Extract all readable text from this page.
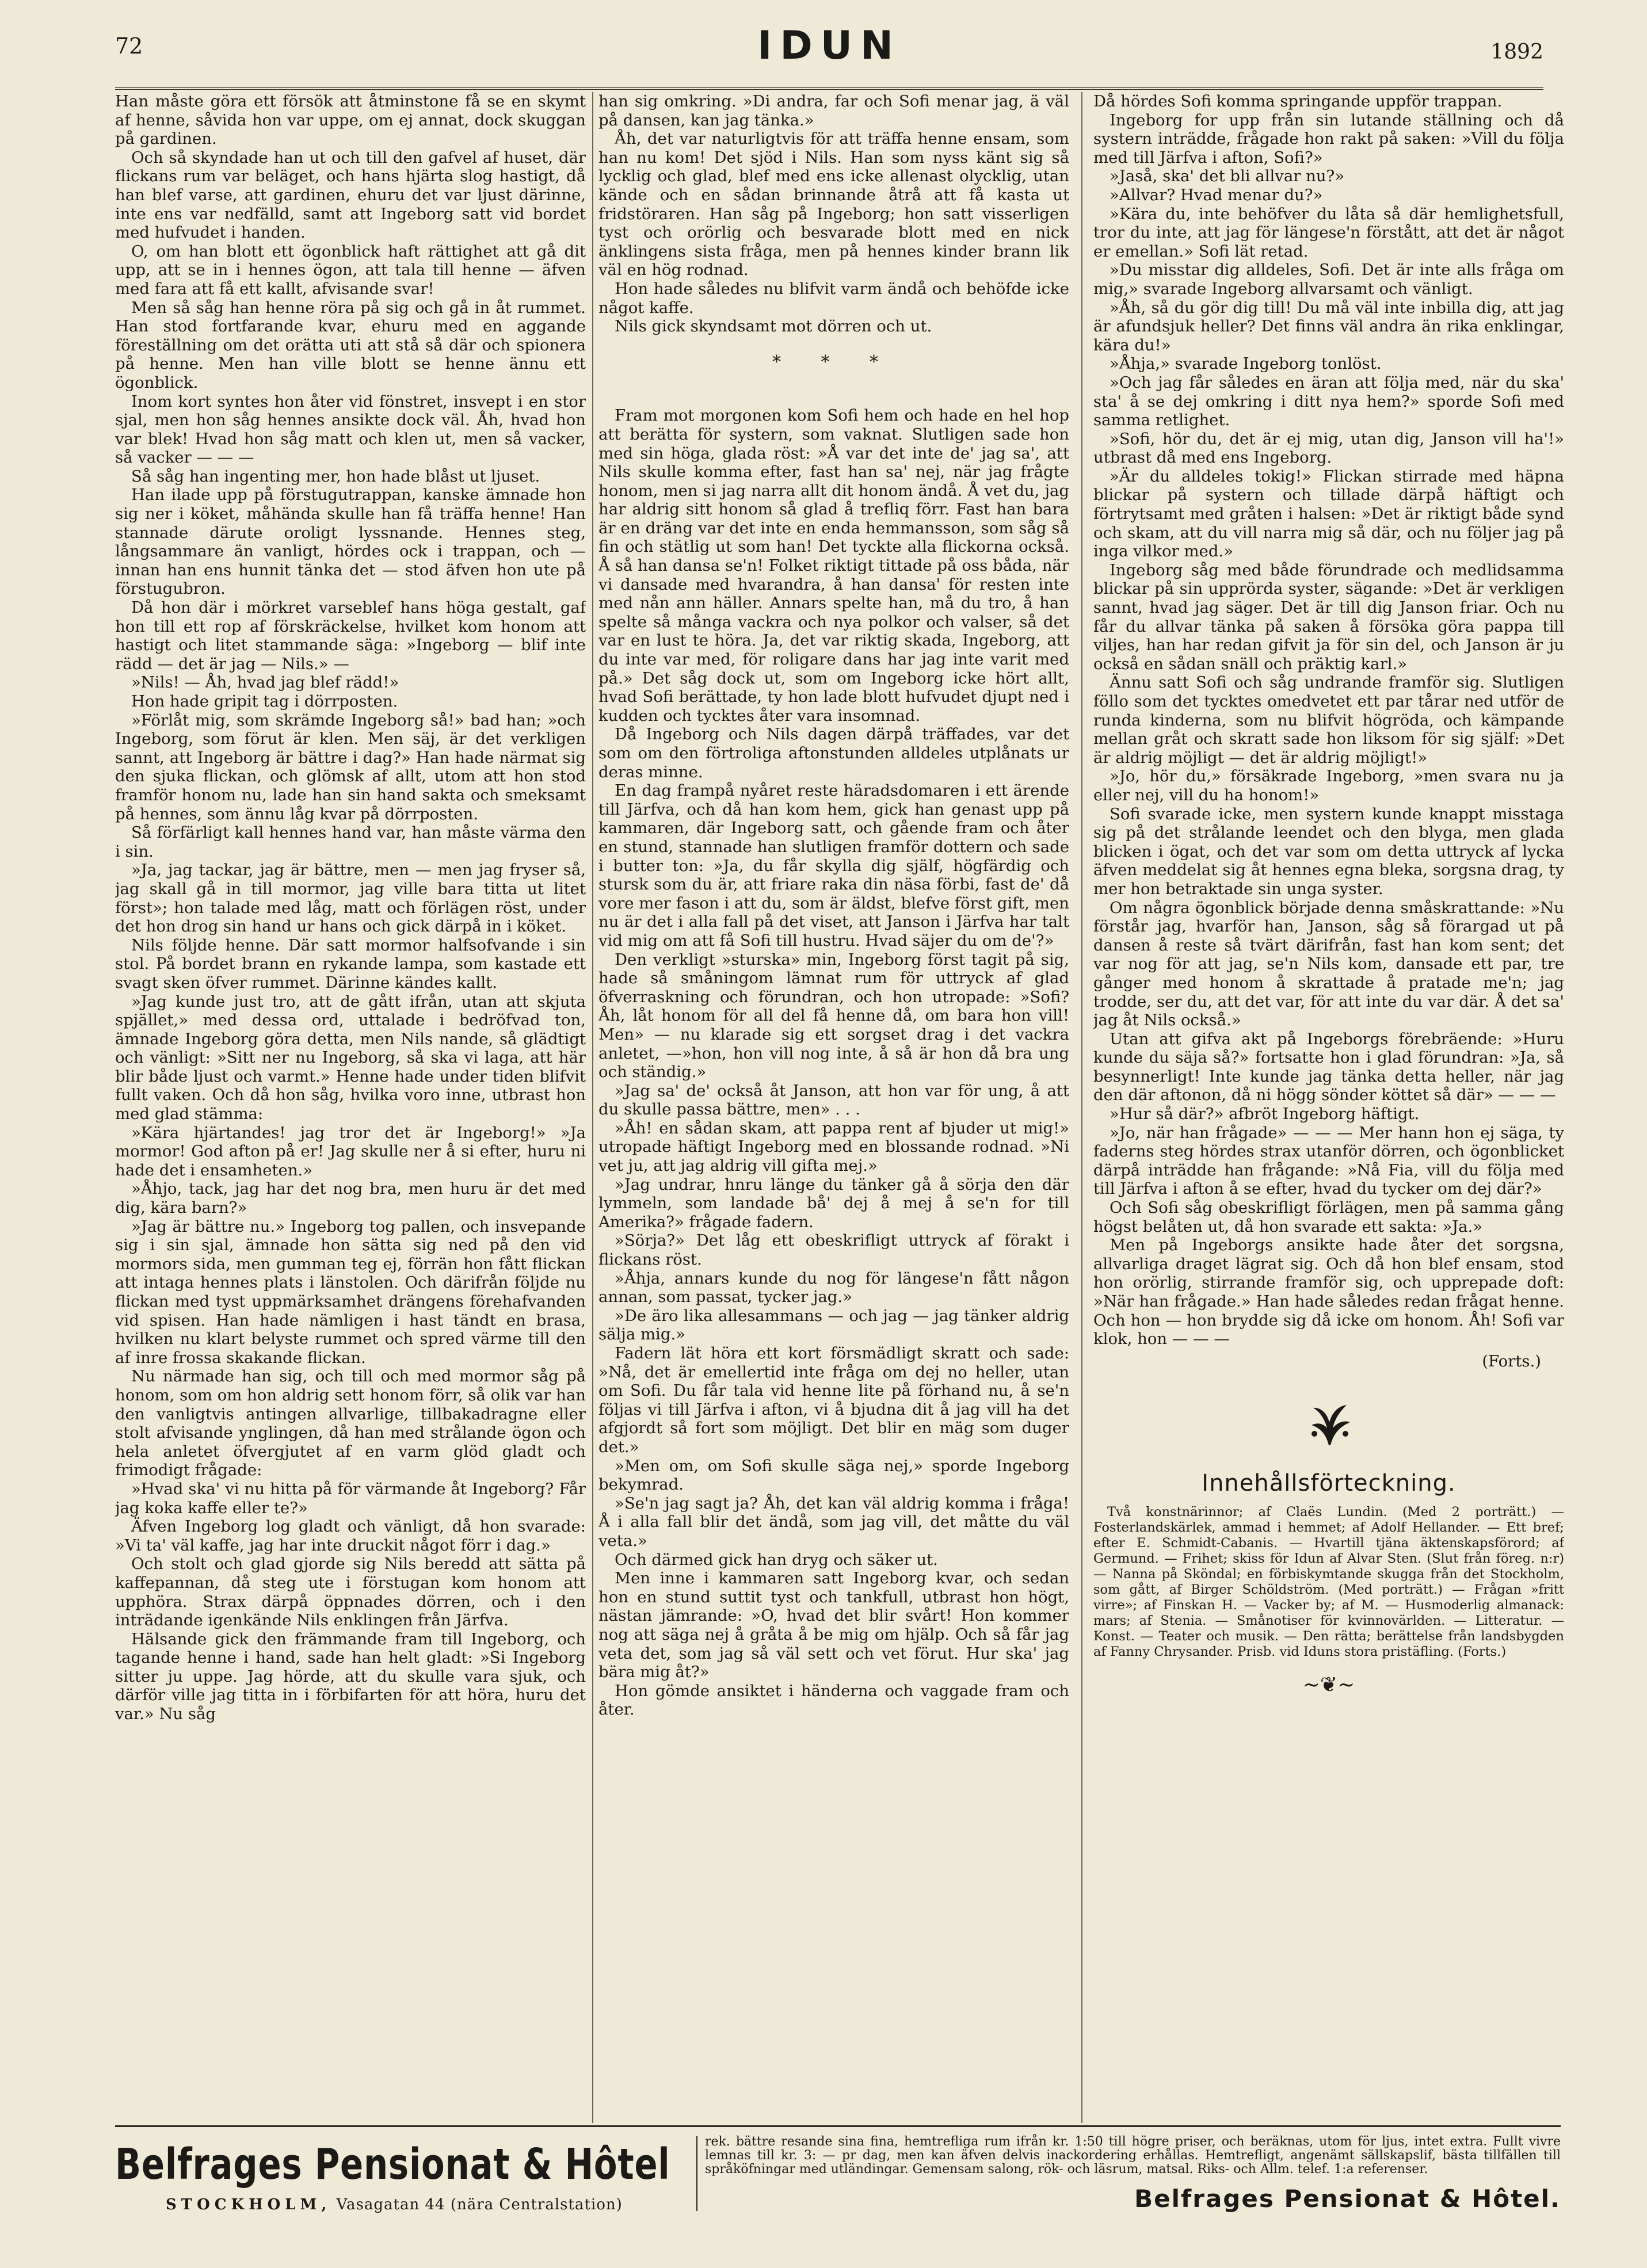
72	IDUN	1892

Han måste göra ett försök att åtminstone få se en skymt af henne, såvida hon var uppe, om ej annat, dock skuggan på gardinen.

Och så skyndade han ut och till den gafvel af huset, där flickans rum var beläget, och hans hjärta slog hastigt, då han blef varse, att gardinen, ehuru det var ljust därinne, inte ens var nedfälld, samt att Ingeborg satt vid bordet med hufvudet i handen.

O, om han blott ett ögonblick haft rättighet att gå dit upp, att se in i hennes ögon, att tala till henne — äfven med fara att få ett kallt, afvisande svar!

Men så såg han henne röra på sig och gå in åt rummet. Han stod fortfarande kvar, ehuru med en aggande föreställning om det orätta uti att stå så där och spionera på henne. Men han ville blott se henne ännu ett ögonblick.

Inom kort syntes hon åter vid fönstret, insvept i en stor sjal, men hon såg hennes ansikte dock väl. Åh, hvad hon var blek! Hvad hon såg matt och klen ut, men så vacker, så vacker — — —

Så såg han ingenting mer, hon hade blåst ut ljuset.

Han ilade upp på förstugutrappan, kanske ämnade hon sig ner i köket, måhända skulle han få träffa henne! Han stannade därute oroligt lyssnande. Hennes steg, långsammare än vanligt, hördes ock i trappan, och — innan han ens hunnit tänka det — stod äfven hon ute på förstugubron.

Då hon där i mörkret varseblef hans höga gestalt, gaf hon till ett rop af förskräckelse, hvilket kom honom att hastigt och litet stammande säga: »Ingeborg — blif inte rädd — det är jag — Nils.» —

»Nils! — Åh, hvad jag blef rädd!»

Hon hade gripit tag i dörrposten.

»Förlåt mig, som skrämde Ingeborg så!» bad han; »och Ingeborg, som förut är klen. Men säj, är det verkligen sannt, att Ingeborg är bättre i dag?» Han hade närmat sig den sjuka flickan, och glömsk af allt, utom att hon stod framför honom nu, lade han sin hand sakta och smeksamt på hennes, som ännu låg kvar på dörrposten.

Så förfärligt kall hennes hand var, han måste värma den i sin.

»Ja, jag tackar, jag är bättre, men — men jag fryser så, jag skall gå in till mormor, jag ville bara titta ut litet först»; hon talade med låg, matt och förlägen röst, under det hon drog sin hand ur hans och gick därpå in i köket.

Nils följde henne. Där satt mormor halfsofvande i sin stol. På bordet brann en rykande lampa, som kastade ett svagt sken öfver rummet. Därinne kändes kallt.

»Jag kunde just tro, att de gått ifrån, utan att skjuta spjället,» med dessa ord, uttalade i bedröfvad ton, ämnade Ingeborg göra detta, men Nils nande, så glädtigt och vänligt: »Sitt ner nu Ingeborg, så ska vi laga, att här blir både ljust och varmt.» Henne hade under tiden blifvit fullt vaken. Och då hon såg, hvilka voro inne, utbrast hon med glad stämma:

»Kära hjärtandes! jag tror det är Ingeborg!» »Ja mormor! God afton på er! Jag skulle ner å si efter, huru ni hade det i ensamheten.»

»Åhjo, tack, jag har det nog bra, men huru är det med dig, kära barn?»

»Jag är bättre nu.» Ingeborg tog pallen, och insvepande sig i sin sjal, ämnade hon sätta sig ned på den vid mormors sida, men gumman teg ej, förrän hon fått flickan att intaga hennes plats i länstolen. Och därifrån följde nu flickan med tyst uppmärksamhet drängens förehafvanden vid spisen. Han hade nämligen i hast tändt en brasa, hvilken nu klart belyste rummet och spred värme till den af inre frossa skakande flickan.

Nu närmade han sig, och till och med mormor såg på honom, som om hon aldrig sett honom förr, så olik var han den vanligtvis antingen allvarlige, tillbakadragne eller stolt afvisande ynglingen, då han med strålande ögon och hela anletet öfvergjutet af en varm glöd gladt och frimodigt frågade:

»Hvad ska' vi nu hitta på för värmande åt Ingeborg? Får jag koka kaffe eller te?»

Äfven Ingeborg log gladt och vänligt, då hon svarade: »Vi ta' väl kaffe, jag har inte druckit något förr i dag.»

Och stolt och glad gjorde sig Nils beredd att sätta på kaffepannan, då steg ute i förstugan kom honom att upphöra. Strax därpå öppnades dörren, och i den inträdande igenkände Nils enklingen från Järfva.

Hälsande gick den främmande fram till Ingeborg, och tagande henne i hand, sade han helt gladt: »Si Ingeborg sitter ju uppe. Jag hörde, att du skulle vara sjuk, och därför ville jag titta in i förbifarten för att höra, huru det var.» Nu såg

han sig omkring. »Di andra, far och Sofi menar jag, ä väl på dansen, kan jag tänka.»

Åh, det var naturligtvis för att träffa henne ensam, som han nu kom! Det sjöd i Nils. Han som nyss känt sig så lycklig och glad, blef med ens icke allenast olycklig, utan kände och en sådan brinnande åtrå att få kasta ut fridstöraren. Han såg på Ingeborg; hon satt visserligen tyst och orörlig och besvarade blott med en nick änklingens sista fråga, men på hennes kinder brann lik väl en hög rodnad.

Hon hade således nu blifvit varm ändå och behöfde icke något kaffe.

Nils gick skyndsamt mot dörren och ut.

* * *

Fram mot morgonen kom Sofi hem och hade en hel hop att berätta för systern, som vaknat. Slutligen sade hon med sin höga, glada röst: »Å var det inte de' jag sa', att Nils skulle komma efter, fast han sa' nej, när jag frågte honom, men si jag narra allt dit honom ändå. Å vet du, jag har aldrig sitt honom så glad å trefliq förr. Fast han bara är en dräng var det inte en enda hemmansson, som såg så fin och stätlig ut som han! Det tyckte alla flickorna också. Å så han dansa se'n! Folket riktigt tittade på oss båda, när vi dansade med hvarandra, å han dansa' för resten inte med nån ann häller. Annars spelte han, må du tro, å han spelte så många vackra och nya polkor och valser, så det var en lust te höra. Ja, det var riktig skada, Ingeborg, att du inte var med, för roligare dans har jag inte varit med på.» Det såg dock ut, som om Ingeborg icke hört allt, hvad Sofi berättade, ty hon lade blott hufvudet djupt ned i kudden och tycktes åter vara insomnad.

Då Ingeborg och Nils dagen därpå träffades, var det som om den förtroliga aftonstunden alldeles utplånats ur deras minne.

En dag frampå nyåret reste häradsdomaren i ett ärende till Järfva, och då han kom hem, gick han genast upp på kammaren, där Ingeborg satt, och gående fram och åter en stund, stannade han slutligen framför dottern och sade i butter ton: »Ja, du får skylla dig själf, högfärdig och stursk som du är, att friare raka din näsa förbi, fast de' då vore mer fason i att du, som är äldst, blefve först gift, men nu är det i alla fall på det viset, att Janson i Järfva har talt vid mig om att få Sofi till hustru. Hvad säjer du om de'?»

Den verkligt »sturska» min, Ingeborg först tagit på sig, hade så småningom lämnat rum för uttryck af glad öfverraskning och förundran, och hon utropade: »Sofi? Åh, låt honom för all del få henne då, om bara hon vill! Men» — nu klarade sig ett sorgset drag i det vackra anletet, —»hon, hon vill nog inte, å så är hon då bra ung och ständig.»

»Jag sa' de' också åt Janson, att hon var för ung, å att du skulle passa bättre, men» . . .

»Åh! en sådan skam, att pappa rent af bjuder ut mig!» utropade häftigt Ingeborg med en blossande rodnad. »Ni vet ju, att jag aldrig vill gifta mej.»

»Jag undrar, hnru länge du tänker gå å sörja den där lymmeln, som landade bå' dej å mej å se'n for till Amerika?» frågade fadern.

»Sörja?» Det låg ett obeskrifligt uttryck af förakt i flickans röst.

»Åhja, annars kunde du nog för längese'n fått någon annan, som passat, tycker jag.»

»De äro lika allesammans — och jag — jag tänker aldrig sälja mig.»

Fadern lät höra ett kort försmädligt skratt och sade: »Nå, det är emellertid inte fråga om dej no heller, utan om Sofi. Du får tala vid henne lite på förhand nu, å se'n följas vi till Järfva i afton, vi å bjudna dit å jag vill ha det afgjordt så fort som möjligt. Det blir en mäg som duger det.»

»Men om, om Sofi skulle säga nej,» sporde Ingeborg bekymrad.

»Se'n jag sagt ja? Åh, det kan väl aldrig komma i fråga! Å i alla fall blir det ändå, som jag vill, det måtte du väl veta.»

Och därmed gick han dryg och säker ut.

Men inne i kammaren satt Ingeborg kvar, och sedan hon en stund suttit tyst och tankfull, utbrast hon högt, nästan jämrande: »O, hvad det blir svårt! Hon kommer nog att säga nej å gråta å be mig om hjälp. Och så får jag veta det, som jag så väl sett och vet förut. Hur ska' jag bära mig åt?»

Hon gömde ansiktet i händerna och vaggade fram och åter.

Då hördes Sofi komma springande uppför trappan.

Ingeborg for upp från sin lutande ställning och då systern inträdde, frågade hon rakt på saken: »Vill du följa med till Järfva i afton, Sofi?»

»Jaså, ska' det bli allvar nu?»

»Allvar? Hvad menar du?»

»Kära du, inte behöfver du låta så där hemlighetsfull, tror du inte, att jag för längese'n förstått, att det är något er emellan.» Sofi lät retad.

»Du misstar dig alldeles, Sofi. Det är inte alls fråga om mig,» svarade Ingeborg allvarsamt och vänligt.

»Åh, så du gör dig till! Du må väl inte inbilla dig, att jag är afundsjuk heller? Det finns väl andra än rika enklingar, kära du!»

»Åhja,» svarade Ingeborg tonlöst.

»Och jag får således en äran att följa med, när du ska' sta' å se dej omkring i ditt nya hem?» sporde Sofi med samma retlighet.

»Sofi, hör du, det är ej mig, utan dig, Janson vill ha'!» utbrast då med ens Ingeborg.

»Är du alldeles tokig!» Flickan stirrade med häpna blickar på systern och tillade därpå häftigt och förtrytsamt med gråten i halsen: »Det är riktigt både synd och skam, att du vill narra mig så där, och nu följer jag på inga vilkor med.»

Ingeborg såg med både förundrade och medlidsamma blickar på sin upprörda syster, sägande: »Det är verkligen sannt, hvad jag säger. Det är till dig Janson friar. Och nu får du allvar tänka på saken å försöka göra pappa till viljes, han har redan gifvit ja för sin del, och Janson är ju också en sådan snäll och präktig karl.»

Ännu satt Sofi och såg undrande framför sig. Slutligen föllo som det tycktes omedvetet ett par tårar ned utför de runda kinderna, som nu blifvit högröda, och kämpande mellan gråt och skratt sade hon liksom för sig själf: »Det är aldrig möjligt — det är aldrig möjligt!»

»Jo, hör du,» försäkrade Ingeborg, »men svara nu ja eller nej, vill du ha honom!»

Sofi svarade icke, men systern kunde knappt misstaga sig på det strålande leendet och den blyga, men glada blicken i ögat, och det var som om detta uttryck af lycka äfven meddelat sig åt hennes egna bleka, sorgsna drag, ty mer hon betraktade sin unga syster.

Om några ögonblick började denna småskrattande: »Nu förstår jag, hvarför han, Janson, såg så förargad ut på dansen å reste så tvärt därifrån, fast han kom sent; det var nog för att jag, se'n Nils kom, dansade ett par, tre gånger med honom å skrattade å pratade me'n; jag trodde, ser du, att det var, för att inte du var där. Å det sa' jag åt Nils också.»

Utan att gifva akt på Ingeborgs förebräende: »Huru kunde du säja så?» fortsatte hon i glad förundran: »Ja, så besynnerligt! Inte kunde jag tänka detta heller, när jag den där aftonon, då ni högg sönder köttet så där» — — —

»Hur så där?» afbröt Ingeborg häftigt.

»Jo, när han frågade» — — — Mer hann hon ej säga, ty faderns steg hördes strax utanför dörren, och ögonblicket därpå inträdde han frågande: »Nå Fia, vill du följa med till Järfva i afton å se efter, hvad du tycker om dej där?»

Och Sofi såg obeskrifligt förlägen, men på samma gång högst belåten ut, då hon svarade ett sakta: »Ja.»

Men på Ingeborgs ansikte hade åter det sorgsna, allvarliga draget lägrat sig. Och då hon blef ensam, stod hon orörlig, stirrande framför sig, och upprepade doft: »När han frågade.» Han hade således redan frågat henne. Och hon — hon brydde sig då icke om honom. Åh! Sofi var klok, hon — — —

(Forts.)
Innehållsförteckning.

Två konstnärinnor; af Claës Lundin. (Med 2 porträtt.) — Fosterlandskärlek, ammad i hemmet; af Adolf Hellander. — Ett bref; efter E. Schmidt-Cabanis. — Hvartill tjäna äktenskapsförord; af Germund. — Frihet; skiss för Idun af Alvar Sten. (Slut från föreg. n:r) — Nanna på Sköndal; en förbiskymtande skugga från det Stockholm, som gått, af Birger Schöldström. (Med porträtt.) — Frågan »fritt virre»; af Finskan H. — Vacker by; af M. — Husmoderlig almanack: mars; af Stenia. — Smånotiser för kvinnovärlden. — Litteratur. — Konst. — Teater och musik. — Den rätta; berättelse från landsbygden af Fanny Chrysander. Prisb. vid Iduns stora pristäfling. (Forts.)

~❦~
Belfrages Pensionat & Hôtel
STOCKHOLM, Vasagatan 44 (nära Centralstation)
rek. bättre resande sina fina, hemtrefliga rum ifrån kr. 1:50 till högre priser, och beräknas, utom för ljus, intet extra. Fullt vivre lemnas till kr. 3: — pr dag, men kan äfven delvis inackordering erhållas. Hemtrefligt, angenämt sällskapslif, bästa tillfällen till språköfningar med utländingar. Gemensam salong, rök- och läsrum, matsal. Riks- och Allm. telef. 1:a referenser.
Belfrages Pensionat & Hôtel.
